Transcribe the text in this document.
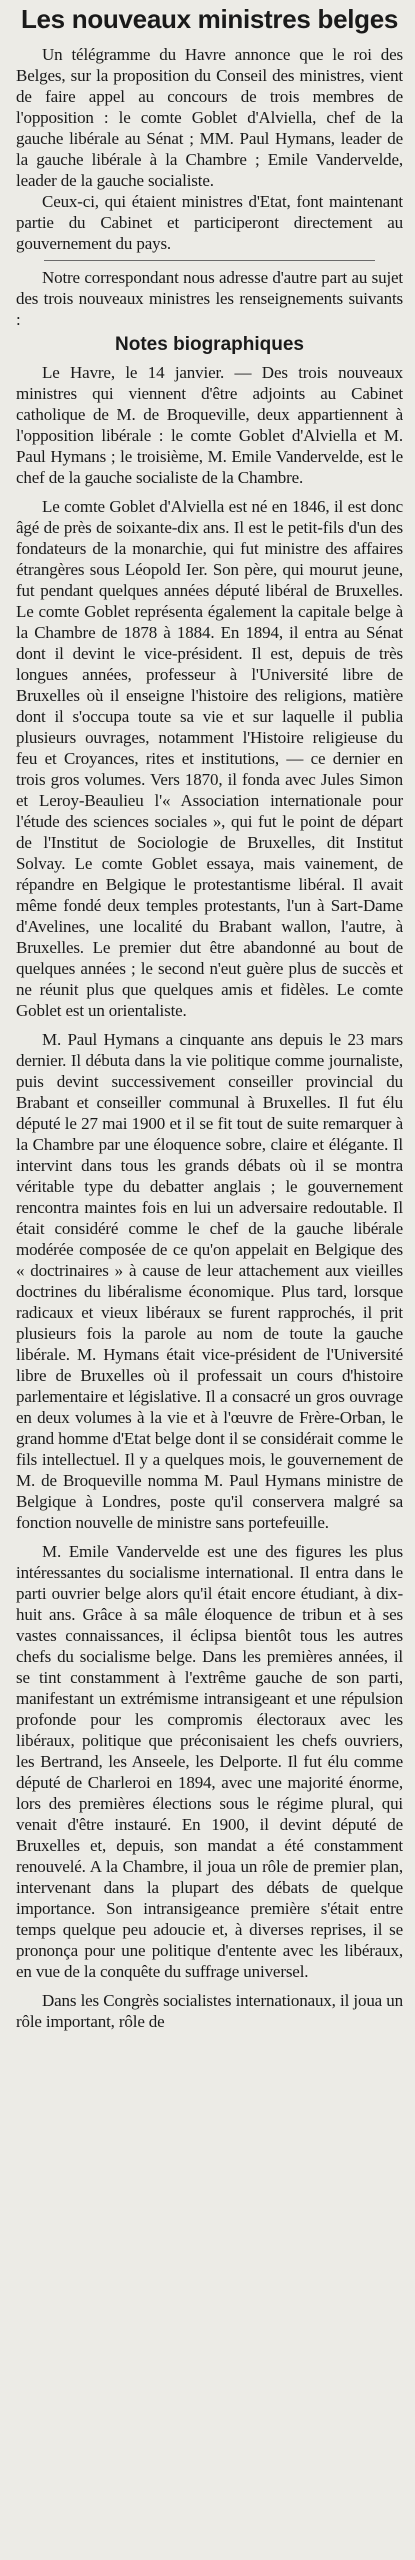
Les nouveaux ministres belges

Un télégramme du Havre annonce que le roi des Belges, sur la proposition du Conseil des ministres, vient de faire appel au concours de trois membres de l'opposition : le comte Goblet d'Alviella, chef de la gauche libérale au Sénat ; MM. Paul Hymans, leader de la gauche libérale à la Chambre ; Emile Vandervelde, leader de la gauche socialiste.

Ceux-ci, qui étaient ministres d'Etat, font maintenant partie du Cabinet et participeront directement au gouvernement du pays.

Notre correspondant nous adresse d'autre part au sujet des trois nouveaux ministres les renseignements suivants :

Notes biographiques

Le Havre, le 14 janvier. — Des trois nouveaux ministres qui viennent d'être adjoints au Cabinet catholique de M. de Broqueville, deux appartiennent à l'opposition libérale : le comte Goblet d'Alviella et M. Paul Hymans ; le troisième, M. Emile Vandervelde, est le chef de la gauche socialiste de la Chambre.

Le comte Goblet d'Alviella est né en 1846, il est donc âgé de près de soixante-dix ans. Il est le petit-fils d'un des fondateurs de la monarchie, qui fut ministre des affaires étrangères sous Léopold Ier. Son père, qui mourut jeune, fut pendant quelques années député libéral de Bruxelles. Le comte Goblet représenta également la capitale belge à la Chambre de 1878 à 1884. En 1894, il entra au Sénat dont il devint le vice-président. Il est, depuis de très longues années, professeur à l'Université libre de Bruxelles où il enseigne l'histoire des religions, matière dont il s'occupa toute sa vie et sur laquelle il publia plusieurs ouvrages, notamment l'Histoire religieuse du feu et Croyances, rites et institutions, — ce dernier en trois gros volumes. Vers 1870, il fonda avec Jules Simon et Leroy-Beaulieu l'« Association internationale pour l'étude des sciences sociales », qui fut le point de départ de l'Institut de Sociologie de Bruxelles, dit Institut Solvay. Le comte Goblet essaya, mais vainement, de répandre en Belgique le protestantisme libéral. Il avait même fondé deux temples protestants, l'un à Sart-Dame d'Avelines, une localité du Brabant wallon, l'autre, à Bruxelles. Le premier dut être abandonné au bout de quelques années ; le second n'eut guère plus de succès et ne réunit plus que quelques amis et fidèles. Le comte Goblet est un orientaliste.

M. Paul Hymans a cinquante ans depuis le 23 mars dernier. Il débuta dans la vie politique comme journaliste, puis devint successivement conseiller provincial du Brabant et conseiller communal à Bruxelles. Il fut élu député le 27 mai 1900 et il se fit tout de suite remarquer à la Chambre par une éloquence sobre, claire et élégante. Il intervint dans tous les grands débats où il se montra véritable type du debatter anglais ; le gouvernement rencontra maintes fois en lui un adversaire redoutable. Il était considéré comme le chef de la gauche libérale modérée composée de ce qu'on appelait en Belgique des « doctrinaires » à cause de leur attachement aux vieilles doctrines du libéralisme économique. Plus tard, lorsque radicaux et vieux libéraux se furent rapprochés, il prit plusieurs fois la parole au nom de toute la gauche libérale. M. Hymans était vice-président de l'Université libre de Bruxelles où il professait un cours d'histoire parlementaire et législative. Il a consacré un gros ouvrage en deux volumes à la vie et à l'œuvre de Frère-Orban, le grand homme d'Etat belge dont il se considérait comme le fils intellectuel. Il y a quelques mois, le gouvernement de M. de Broqueville nomma M. Paul Hymans ministre de Belgique à Londres, poste qu'il conservera malgré sa fonction nouvelle de ministre sans portefeuille.

M. Emile Vandervelde est une des figures les plus intéressantes du socialisme international. Il entra dans le parti ouvrier belge alors qu'il était encore étudiant, à dix-huit ans. Grâce à sa mâle éloquence de tribun et à ses vastes connaissances, il éclipsa bientôt tous les autres chefs du socialisme belge. Dans les premières années, il se tint constamment à l'extrême gauche de son parti, manifestant un extrémisme intransigeant et une répulsion profonde pour les compromis électoraux avec les libéraux, politique que préconisaient les chefs ouvriers, les Bertrand, les Anseele, les Delporte. Il fut élu comme député de Charleroi en 1894, avec une majorité énorme, lors des premières élections sous le régime plural, qui venait d'être instauré. En 1900, il devint député de Bruxelles et, depuis, son mandat a été constamment renouvelé. A la Chambre, il joua un rôle de premier plan, intervenant dans la plupart des débats de quelque importance. Son intransigeance première s'était entre temps quelque peu adoucie et, à diverses reprises, il se prononça pour une politique d'entente avec les libéraux, en vue de la conquête du suffrage universel.

Dans les Congrès socialistes internationaux, il joua un rôle important, rôle de
